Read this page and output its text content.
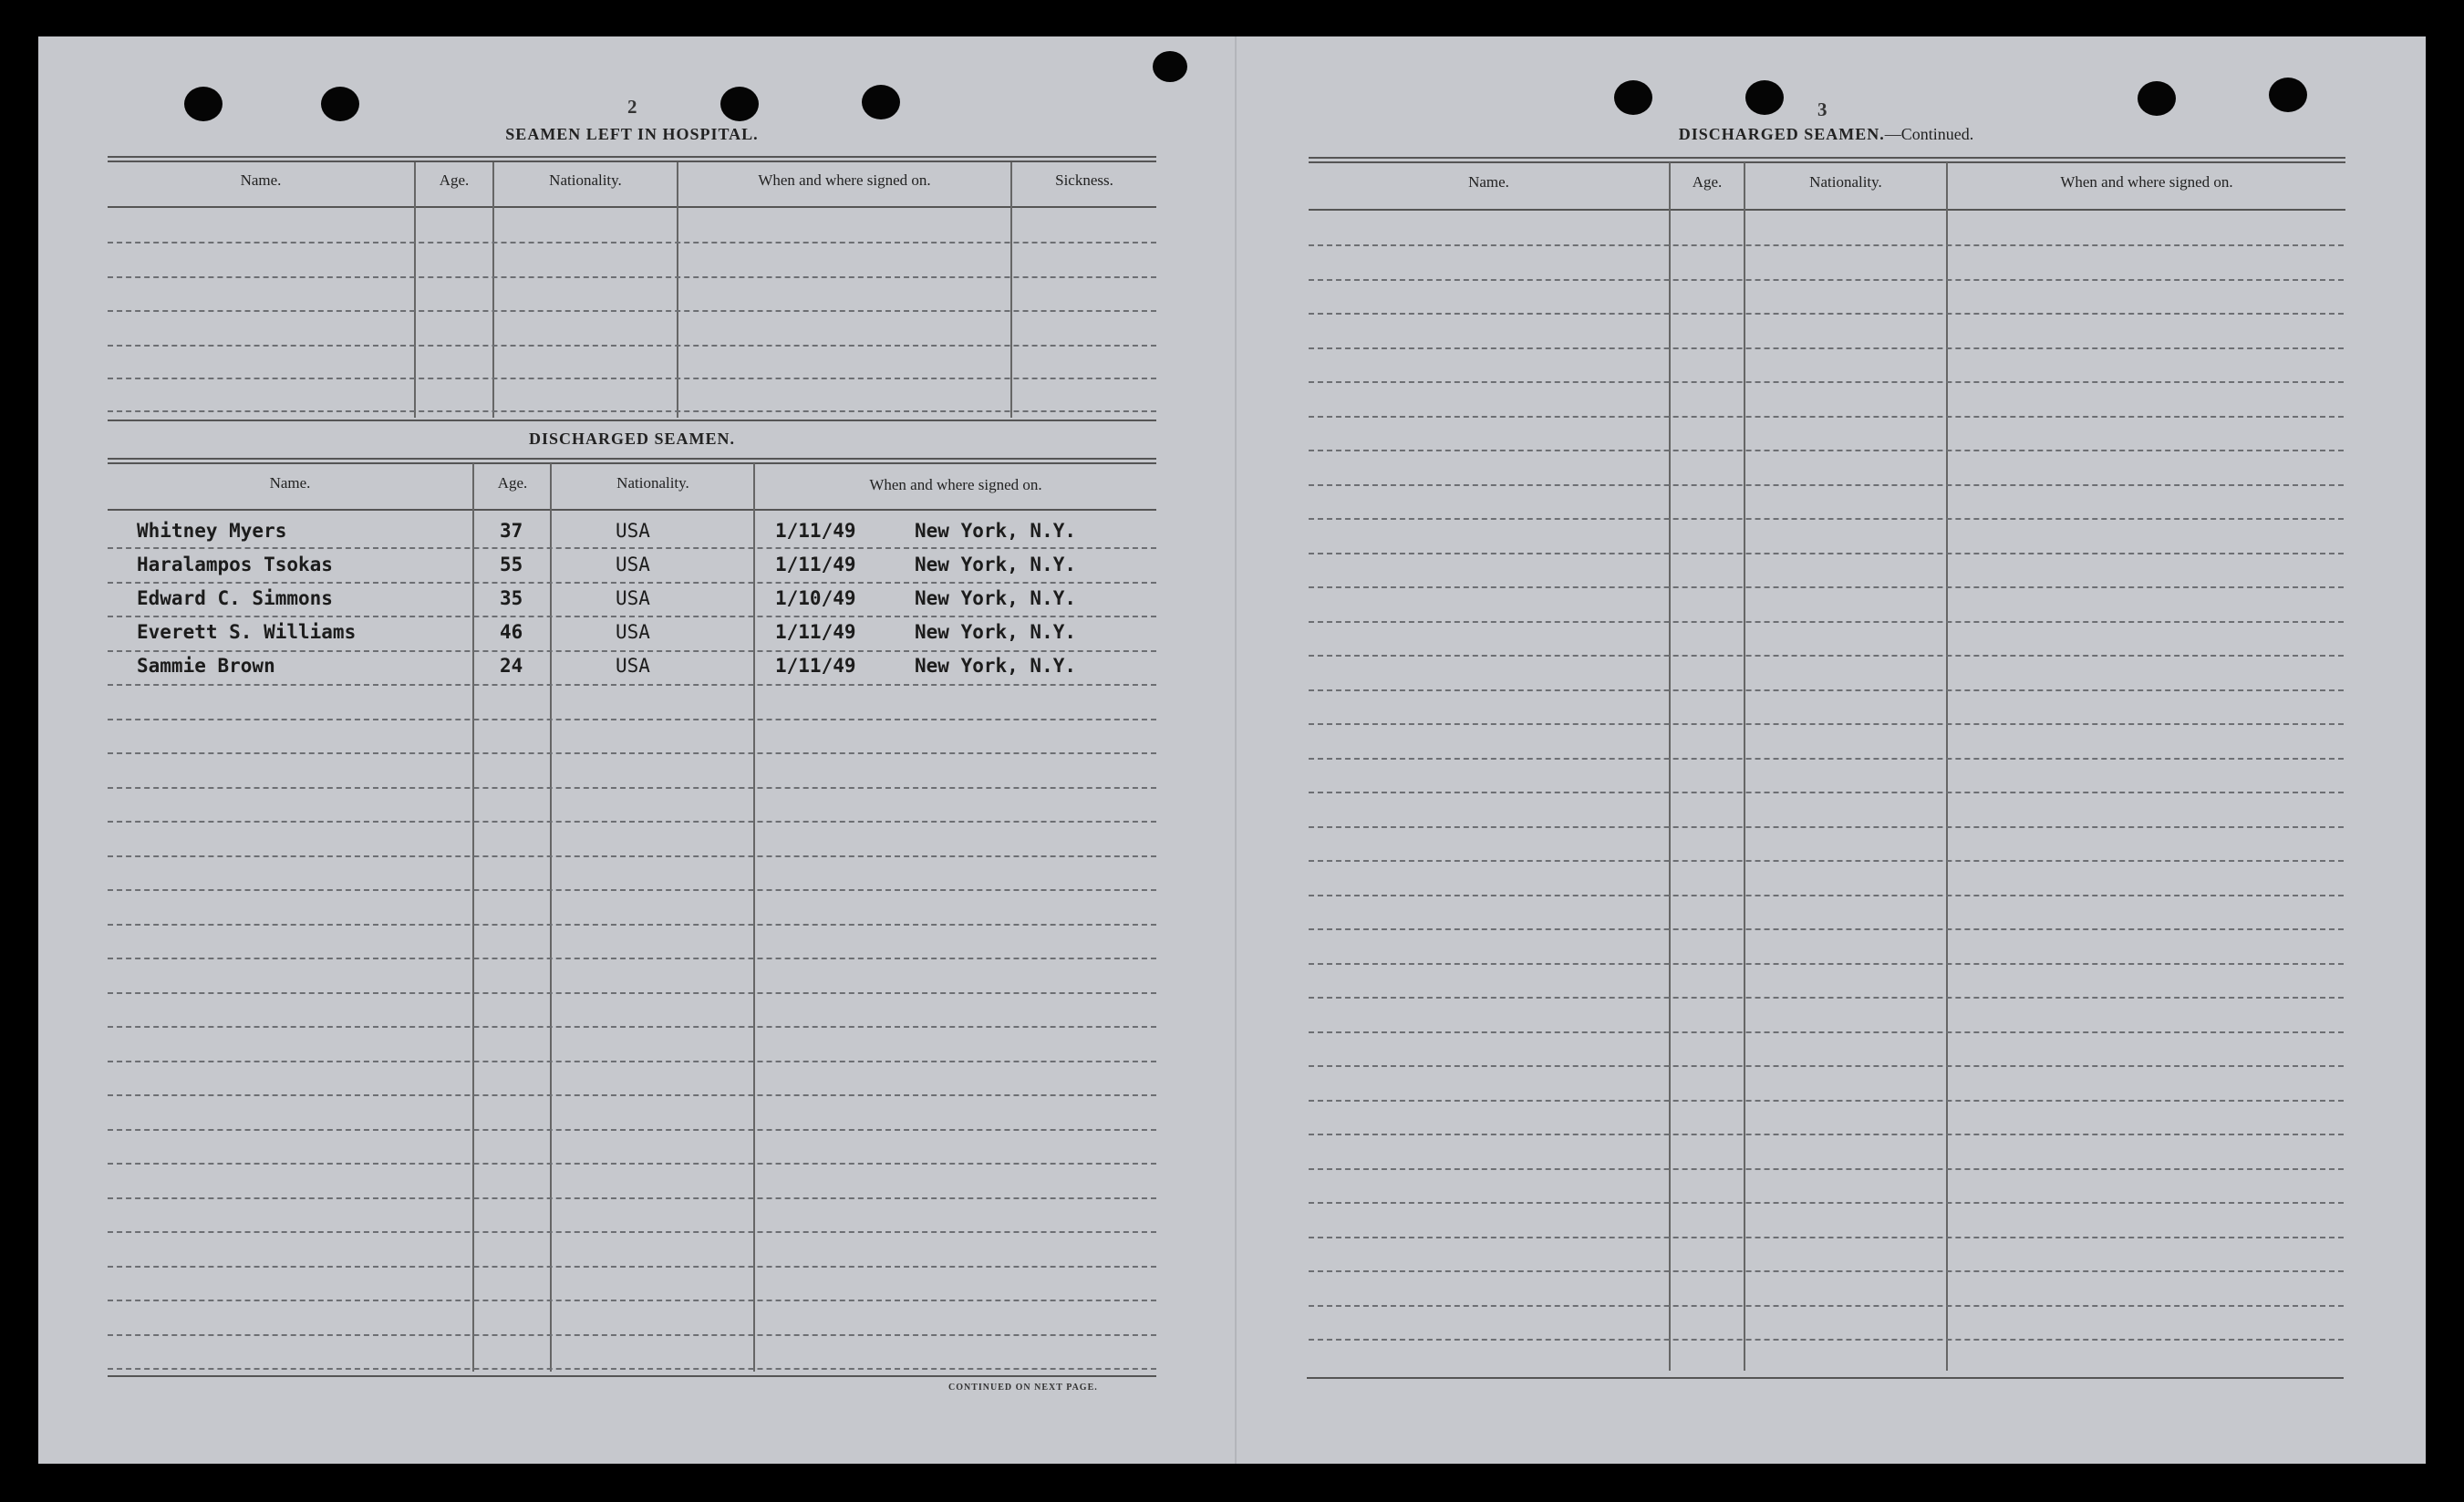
2
SEAMEN LEFT IN HOSPITAL.
Name.	Age.	Nationality.	When and where signed on.	Sickness.
DISCHARGED SEAMEN.
Name.	Age.	Nationality.	When and where signed on.
Whitney Myers	37	USA	1/11/49	New York, N.Y.
Haralampos Tsokas	55	USA	1/11/49	New York, N.Y.
Edward C. Simmons	35	USA	1/10/49	New York, N.Y.
Everett S. Williams	46	USA	1/11/49	New York, N.Y.
Sammie Brown	24	USA	1/11/49	New York, N.Y.
CONTINUED ON NEXT PAGE.
3
DISCHARGED SEAMEN.—Continued.
Name.	Age.	Nationality.	When and where signed on.
